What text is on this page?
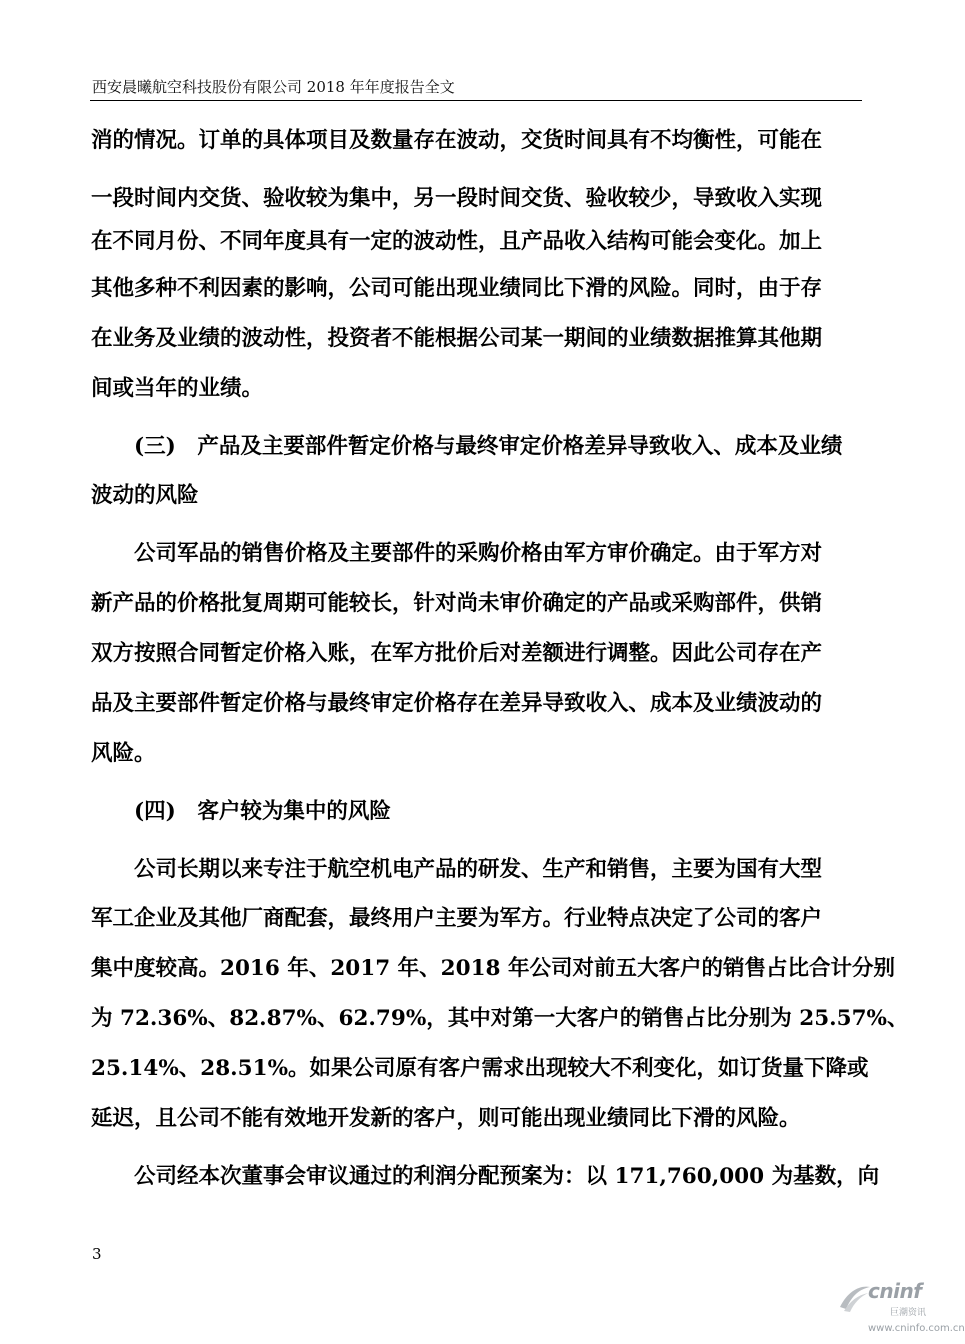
西安晨曦航空科技股份有限公司 2018 年年度报告全文
消的情况。订单的具体项目及数量存在波动，交货时间具有不均衡性，可能在
一段时间内交货、验收较为集中，另一段时间交货、验收较少，导致收入实现
在不同月份、不同年度具有一定的波动性，且产品收入结构可能会变化。加上
其他多种不利因素的影响，公司可能出现业绩同比下滑的风险。同时，由于存
在业务及业绩的波动性，投资者不能根据公司某一期间的业绩数据推算其他期
间或当年的业绩。
(三)　产品及主要部件暂定价格与最终审定价格差异导致收入、成本及业绩
波动的风险
公司军品的销售价格及主要部件的采购价格由军方审价确定。由于军方对
新产品的价格批复周期可能较长，针对尚未审价确定的产品或采购部件，供销
双方按照合同暂定价格入账，在军方批价后对差额进行调整。因此公司存在产
品及主要部件暂定价格与最终审定价格存在差异导致收入、成本及业绩波动的
风险。
(四)　客户较为集中的风险
公司长期以来专注于航空机电产品的研发、生产和销售，主要为国有大型
军工企业及其他厂商配套，最终用户主要为军方。行业特点决定了公司的客户
集中度较高。2016 年、2017 年、2018 年公司对前五大客户的销售占比合计分别
为 72.36%、82.87%、62.79%，其中对第一大客户的销售占比分别为 25.57%、
25.14%、28.51%。如果公司原有客户需求出现较大不利变化，如订货量下降或
延迟，且公司不能有效地开发新的客户，则可能出现业绩同比下滑的风险。
公司经本次董事会审议通过的利润分配预案为：以 171,760,000 为基数，向
3
cninf
巨潮资讯
www.cninfo.com.cn
